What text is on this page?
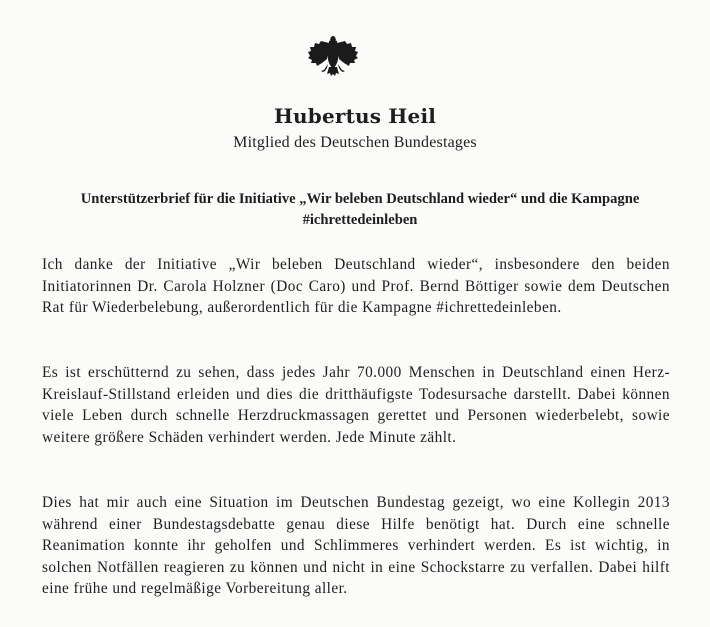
Hubertus Heil
Mitglied des Deutschen Bundestages
Unterstützerbrief für die Initiative „Wir beleben Deutschland wieder“ und die Kampagne #ichrettedeinleben

Ich danke der Initiative „Wir beleben Deutschland wieder“, insbesondere den beiden Initiatorinnen Dr. Carola Holzner (Doc Caro) und Prof. Bernd Böttiger sowie dem Deutschen Rat für Wiederbelebung, außerordentlich für die Kampagne #ichrettedeinleben.

Es ist erschütternd zu sehen, dass jedes Jahr 70.000 Menschen in Deutschland einen Herz-Kreislauf-Stillstand erleiden und dies die dritthäufigste Todesursache darstellt. Dabei können viele Leben durch schnelle Herzdruckmassagen gerettet und Personen wiederbelebt, sowie weitere größere Schäden verhindert werden. Jede Minute zählt.

Dies hat mir auch eine Situation im Deutschen Bundestag gezeigt, wo eine Kollegin 2013 während einer Bundestagsdebatte genau diese Hilfe benötigt hat. Durch eine schnelle Reanimation konnte ihr geholfen und Schlimmeres verhindert werden. Es ist wichtig, in solchen Notfällen reagieren zu können und nicht in eine Schockstarre zu verfallen. Dabei hilft eine frühe und regelmäßige Vorbereitung aller.
